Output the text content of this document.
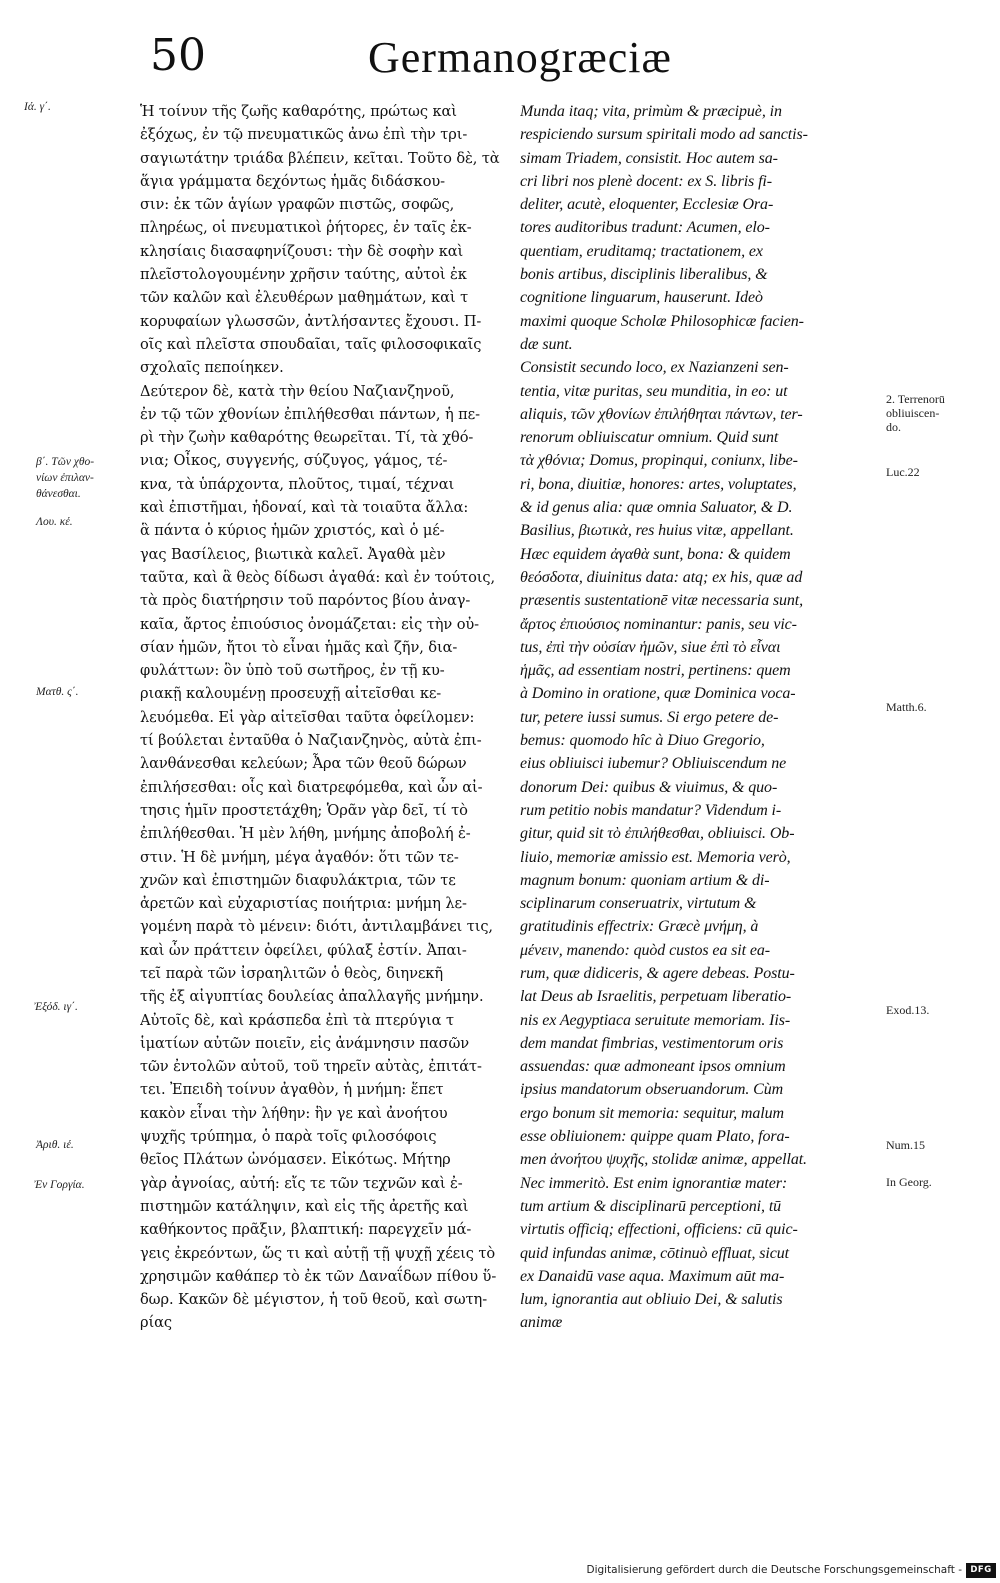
50	Germanogræciæ
Ιά. γ΄.
β΄. Τῶν χθο-
νίων ἐπιλαν-
θάνεσθαι.
Λου. κέ.
Ματθ. ς΄.
Ἐξόδ. ιγ΄.
Ἀριθ. ιέ.
Ἐν Γοργία.
2. Terrenorū
obliuiscen-
do.
Luc.22
Matth.6.
Exod.13.
Num.15
In Georg.
Ἡ τοίνυν τῆς ζωῆς καθαρότης, πρώτως καὶ
ἐξόχως, ἐν τῷ πνευματικῶς ἀνω ἐπὶ τὴν τρι-
σαγιωτάτην τριάδα βλέπειν, κεῖται. Τοῦτο δὲ, τὰ
ἅγια γράμματα δεχόντως ἡμᾶς διδάσκου-
σιν: ἐκ τῶν ἁγίων γραφῶν πιστῶς, σοφῶς,
πληρέως, οἱ πνευματικοὶ ῥήτορες, ἐν ταῖς ἐκ-
κλησίαις διασαφηνίζουσι: τὴν δὲ σοφὴν καὶ
πλεῖστολογουμένην χρῆσιν ταύτης, αὐτοὶ ἐκ
τῶν καλῶν καὶ ἐλευθέρων μαθημάτων, καὶ τ
κορυφαίων γλωσσῶν, ἀντλήσαντες ἔχουσι. Π-
οῖς καὶ πλεῖστα σπουδαῖαι, ταῖς φιλοσοφικαῖς
σχολαῖς πεποίηκεν.
Δεύτερον δὲ, κατὰ τὴν θείου Ναζιανζηνοῦ,
ἐν τῷ τῶν χθονίων ἐπιλήθεσθαι πάντων, ἡ πε-
ρὶ τὴν ζωὴν καθαρότης θεωρεῖται. Τί, τὰ χθό-
νια; Οἶκος, συγγενής, σύζυγος, γάμος, τέ-
κνα, τὰ ὑπάρχοντα, πλοῦτος, τιμαί, τέχναι
καὶ ἐπιστῆμαι, ἡδοναί, καὶ τὰ τοιαῦτα ἄλλα:
ἃ πάντα ὁ κύριος ἡμῶν χριστός, καὶ ὁ μέ-
γας Βασίλειος, βιωτικὰ καλεῖ. Ἀγαθὰ μὲν
ταῦτα, καὶ ἃ θεὸς δίδωσι ἀγαθά: καὶ ἐν τούτοις,
τὰ πρὸς διατήρησιν τοῦ παρόντος βίου ἀναγ-
καῖα, ἄρτος ἐπιούσιος ὀνομάζεται: εἰς τὴν οὐ-
σίαν ἡμῶν, ἤτοι τὸ εἶναι ἡμᾶς καὶ ζῆν, δια-
φυλάττων: ὃν ὑπὸ τοῦ σωτῆρος, ἐν τῇ κυ-
ριακῇ καλουμένῃ προσευχῇ αἰτεῖσθαι κε-
λευόμεθα. Εἰ γὰρ αἰτεῖσθαι ταῦτα ὀφείλομεν:
τί βούλεται ἐνταῦθα ὁ Ναζιανζηνὸς, αὐτὰ ἐπι-
λανθάνεσθαι κελεύων; Ἆρα τῶν θεοῦ δώρων
ἐπιλήσεσθαι: οἷς καὶ διατρεφόμεθα, καὶ ὧν αἰ-
τησις ἡμῖν προστετάχθη; Ὁρᾶν γὰρ δεῖ, τί τὸ
ἐπιλήθεσθαι. Ἡ μὲν λήθη, μνήμης ἀποβολή ἐ-
στιν. Ἡ δὲ μνήμη, μέγα ἀγαθόν: ὅτι τῶν τε-
χνῶν καὶ ἐπιστημῶν διαφυλάκτρια, τῶν τε
ἀρετῶν καὶ εὐχαριστίας ποιήτρια: μνήμη λε-
γομένη παρὰ τὸ μένειν: διότι, ἀντιλαμβάνει τις,
καὶ ὧν πράττειν ὀφείλει, φύλαξ ἐστίν. Ἀπαι-
τεῖ παρὰ τῶν ἰσραηλιτῶν ὁ θεὸς, διηνεκῆ
τῆς ἐξ αἰγυπτίας δουλείας ἀπαλλαγῆς μνήμην.
Αὐτοῖς δὲ, καὶ κράσπεδα ἐπὶ τὰ πτερύγια τ
ἱματίων αὐτῶν ποιεῖν, εἰς ἀνάμνησιν πασῶν
τῶν ἐντολῶν αὐτοῦ, τοῦ τηρεῖν αὐτὰς, ἐπιτάτ-
τει. Ἐπειδὴ τοίνυν ἀγαθὸν, ἡ μνήμη: ἕπετ
κακὸν εἶναι τὴν λήθην: ἣν γε καὶ ἀνοήτου
ψυχῆς τρύπημα, ὁ παρὰ τοῖς φιλοσόφοις
θεῖος Πλάτων ὠνόμασεν. Εἰκότως. Μήτηρ
γὰρ ἀγνοίας, αὐτή: εἴς τε τῶν τεχνῶν καὶ ἐ-
πιστημῶν κατάληψιν, καὶ εἰς τῆς ἀρετῆς καὶ
καθήκοντος πρᾶξιν, βλαπτική: παρεγχεῖν μά-
γεις ἐκρεόντων, ὥς τι καὶ αὐτῇ τῇ ψυχῇ χέεις τὸ
χρησιμῶν καθάπερ τὸ ἐκ τῶν Δαναΐδων πίθου ὕ-
δωρ. Κακῶν δὲ μέγιστον, ἡ τοῦ θεοῦ, καὶ σωτη-
ρίας
Munda itaq; vita, primùm & præcipuè, in
respiciendo sursum spiritali modo ad sanctis-
simam Triadem, consistit. Hoc autem sa-
cri libri nos plenè docent: ex S. libris fi-
deliter, acutè, eloquenter, Ecclesiæ Ora-
tores auditoribus tradunt: Acumen, elo-
quentiam, eruditamq; tractationem, ex
bonis artibus, disciplinis liberalibus, &
cognitione linguarum, hauserunt. Ideò
maximi quoque Scholæ Philosophicæ facien-
dæ sunt.
Consistit secundo loco, ex Nazianzeni sen-
tentia, vitæ puritas, seu munditia, in eo: ut
aliquis, τῶν χθονίων ἐπιλήθηται πάντων, ter-
renorum obliuiscatur omnium. Quid sunt
τὰ χθόνια; Domus, propinqui, coniunx, libe-
ri, bona, diuitiæ, honores: artes, voluptates,
& id genus alia: quæ omnia Saluator, & D.
Basilius, βιωτικὰ, res huius vitæ, appellant.
Hæc equidem ἀγαθὰ sunt, bona: & quidem
θεόσδοτα, diuinitus data: atq; ex his, quæ ad
præsentis sustentationē vitæ necessaria sunt,
ἄρτος ἐπιούσιος nominantur: panis, seu vic-
tus, ἐπὶ τὴν οὐσίαν ἡμῶν, siue ἐπὶ τὸ εἶναι
ἡμᾶς, ad essentiam nostri, pertinens: quem
à Domino in oratione, quæ Dominica voca-
tur, petere iussi sumus. Si ergo petere de-
bemus: quomodo hîc à Diuo Gregorio,
eius obliuisci iubemur? Obliuiscendum ne
donorum Dei: quibus & viuimus, & quo-
rum petitio nobis mandatur? Videndum i-
gitur, quid sit τὸ ἐπιλήθεσθαι, obliuisci. Ob-
liuio, memoriæ amissio est. Memoria verò,
magnum bonum: quoniam artium & di-
sciplinarum conseruatrix, virtutum &
gratitudinis effectrix: Græcè μνήμη, à
μένειν, manendo: quòd custos ea sit ea-
rum, quæ didiceris, & agere debeas. Postu-
lat Deus ab Israelitis, perpetuam liberatio-
nis ex Aegyptiaca seruitute memoriam. Iis-
dem mandat fimbrias, vestimentorum oris
assuendas: quæ admoneant ipsos omnium
ipsius mandatorum obseruandorum. Cùm
ergo bonum sit memoria: sequitur, malum
esse obliuionem: quippe quam Plato, fora-
men ἀνοήτου ψυχῆς, stolidæ animæ, appellat.
Nec immeritò. Est enim ignorantiæ mater:
tum artium & disciplinarū perceptioni, tū
virtutis officiq; effectioni, officiens: cū quic-
quid infundas animæ, cōtinuò effluat, sicut
ex Danaidū vase aqua. Maximum aūt ma-
lum, ignorantia aut obliuio Dei, & salutis
animæ
Digitalisierung gefördert durch die Deutsche Forschungsgemeinschaft - DFG
